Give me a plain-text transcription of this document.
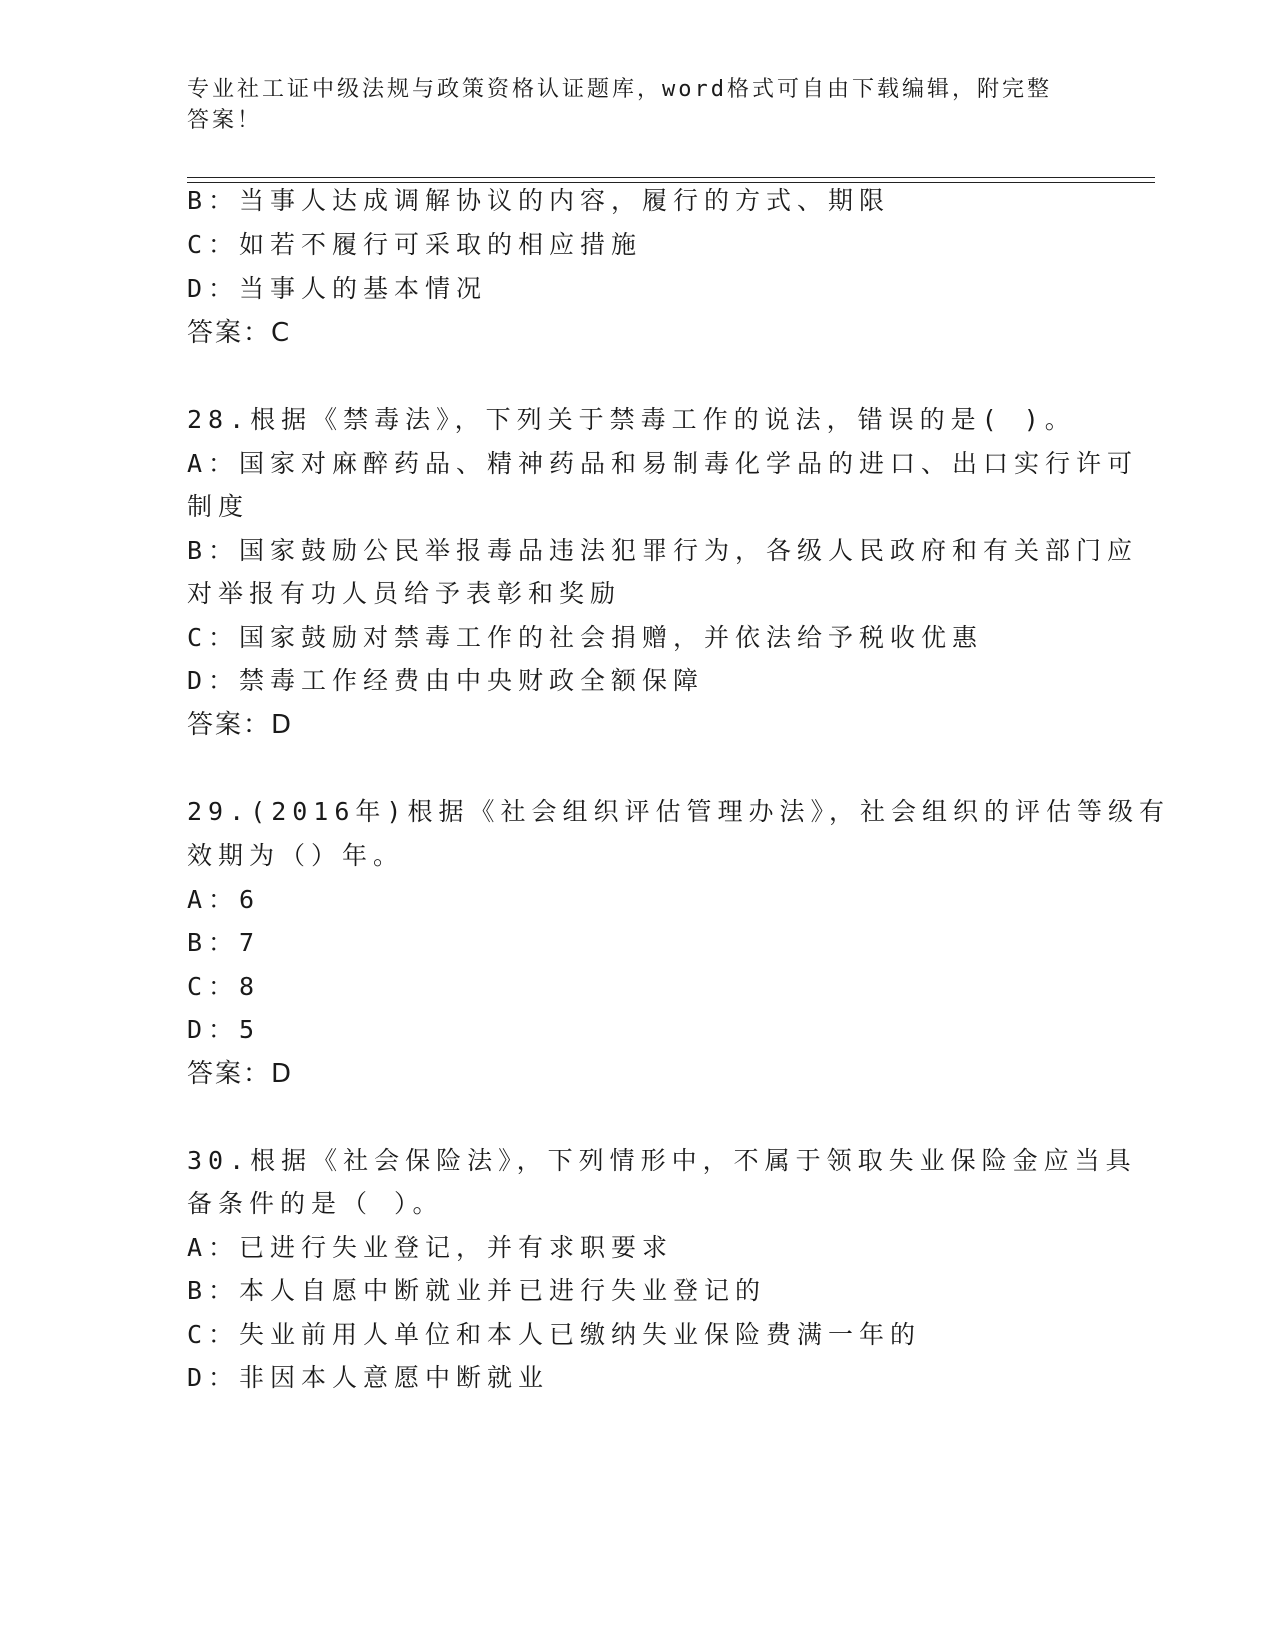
专业社工证中级法规与政策资格认证题库，word格式可自由下载编辑，附完整答案！
B：当事人达成调解协议的内容，履行的方式、期限
C：如若不履行可采取的相应措施
D：当事人的基本情况
答案：C
28.根据《禁毒法》，下列关于禁毒工作的说法，错误的是( )。
A：国家对麻醉药品、精神药品和易制毒化学品的进口、出口实行许可
制度
B：国家鼓励公民举报毒品违法犯罪行为，各级人民政府和有关部门应
对举报有功人员给予表彰和奖励
C：国家鼓励对禁毒工作的社会捐赠，并依法给予税收优惠
D：禁毒工作经费由中央财政全额保障
答案：D
29.(2016年)根据《社会组织评估管理办法》，社会组织的评估等级有
效期为（）年。
A：6
B：7
C：8
D：5
答案：D
30.根据《社会保险法》，下列情形中，不属于领取失业保险金应当具
备条件的是（ ）。
A：已进行失业登记，并有求职要求
B：本人自愿中断就业并已进行失业登记的
C：失业前用人单位和本人已缴纳失业保险费满一年的
D：非因本人意愿中断就业
